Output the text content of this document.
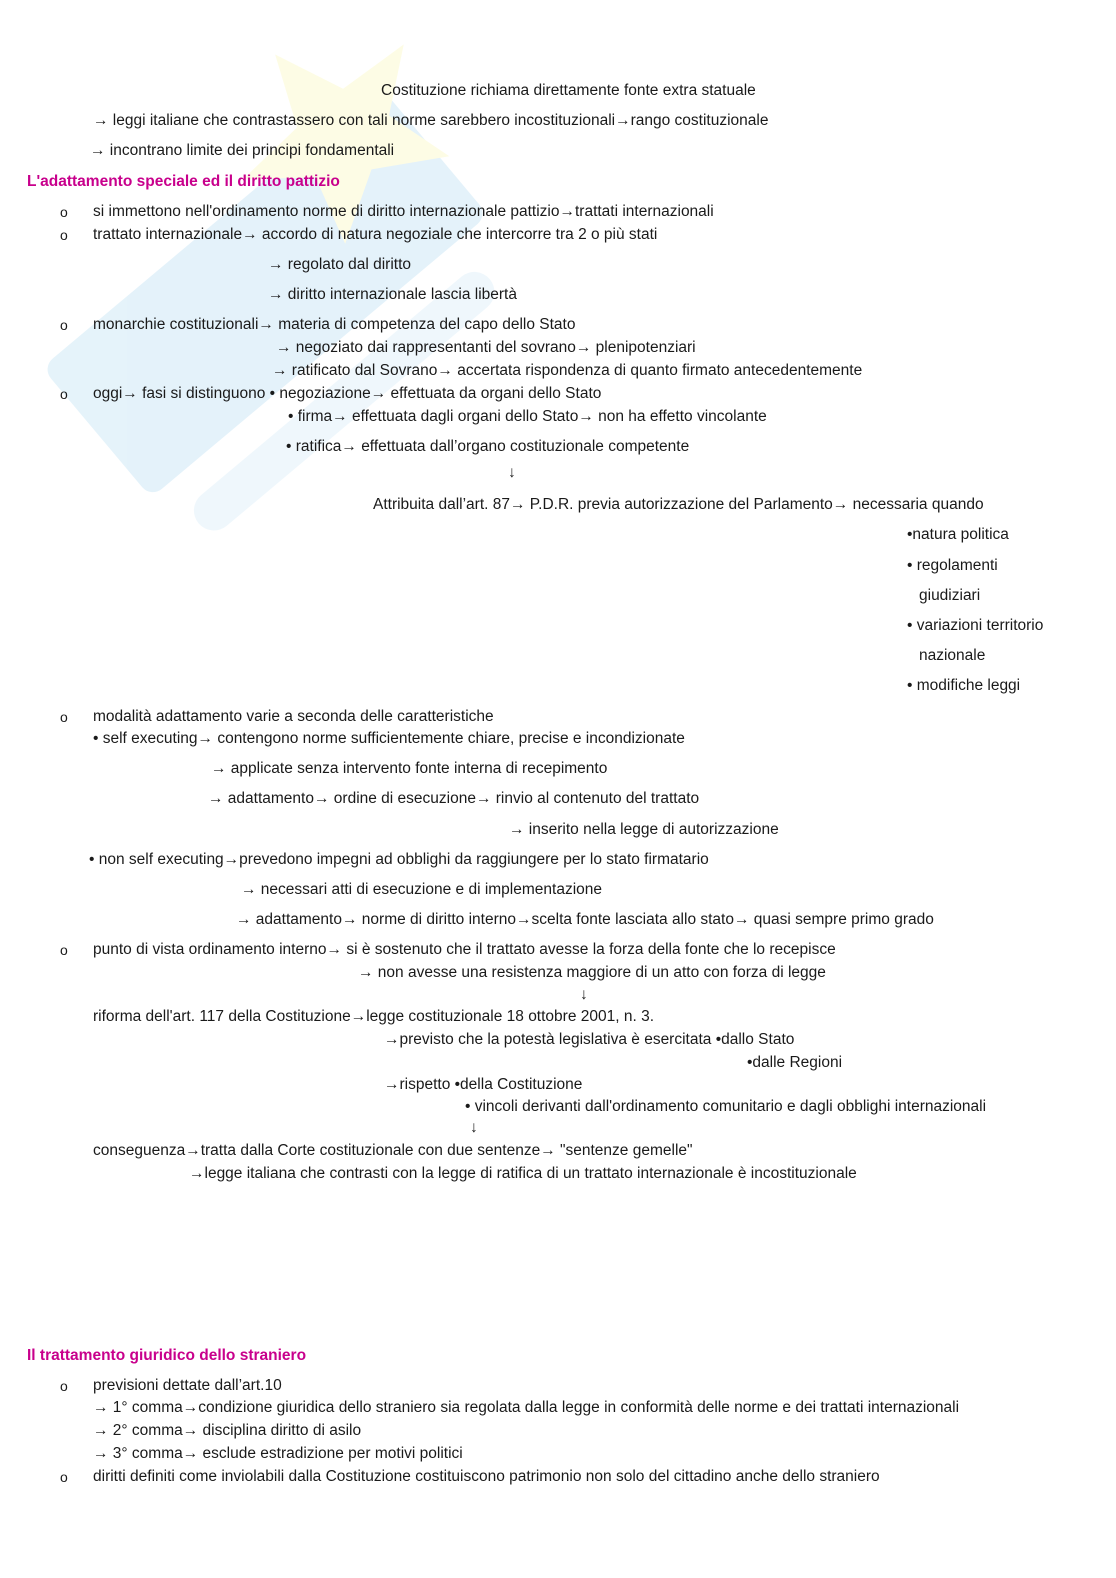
Costituzione richiama direttamente fonte extra statuale
→ leggi italiane che contrastassero con tali norme sarebbero incostituzionali→rango costituzionale
→ incontrano limite dei principi fondamentali
L'adattamento speciale ed il diritto pattizio
o si immettono nell'ordinamento norme di diritto internazionale pattizio→trattati internazionali
o trattato internazionale→ accordo di natura negoziale che intercorre tra 2 o più stati
→ regolato dal diritto
→ diritto internazionale lascia libertà
o monarchie costituzionali→ materia di competenza del capo dello Stato
→ negoziato dai rappresentanti del sovrano→ plenipotenziari
→ ratificato dal Sovrano→ accertata rispondenza di quanto firmato antecedentemente
o oggi→ fasi si distinguono • negoziazione→ effettuata da organi dello Stato
• firma→ effettuata dagli organi dello Stato→ non ha effetto vincolante
• ratifica→ effettuata dall’organo costituzionale competente
↓
Attribuita dall’art. 87→ P.D.R. previa autorizzazione del Parlamento→ necessaria quando
•natura politica
• regolamenti
giudiziari
• variazioni territorio
nazionale
• modifiche leggi
o modalità adattamento varie a seconda delle caratteristiche
• self executing→ contengono norme sufficientemente chiare, precise e incondizionate
→ applicate senza intervento fonte interna di recepimento
→ adattamento→ ordine di esecuzione→ rinvio al contenuto del trattato
→ inserito nella legge di autorizzazione
• non self executing→prevedono impegni ad obblighi da raggiungere per lo stato firmatario
→ necessari atti di esecuzione e di implementazione
→ adattamento→ norme di diritto interno→scelta fonte lasciata allo stato→ quasi sempre primo grado
o punto di vista ordinamento interno→ si è sostenuto che il trattato avesse la forza della fonte che lo recepisce
→ non avesse una resistenza maggiore di un atto con forza di legge
↓
riforma dell'art. 117 della Costituzione→legge costituzionale 18 ottobre 2001, n. 3.
→previsto che la potestà legislativa è esercitata •dallo Stato
•dalle Regioni
→rispetto •della Costituzione
• vincoli derivanti dall'ordinamento comunitario e dagli obblighi internazionali
↓
conseguenza→tratta dalla Corte costituzionale con due sentenze→ "sentenze gemelle"
→legge italiana che contrasti con la legge di ratifica di un trattato internazionale è incostituzionale
Il trattamento giuridico dello straniero
o previsioni dettate dall’art.10
→ 1° comma→condizione giuridica dello straniero sia regolata dalla legge in conformità delle norme e dei trattati internazionali
→ 2° comma→ disciplina diritto di asilo
→ 3° comma→ esclude estradizione per motivi politici
o diritti definiti come inviolabili dalla Costituzione costituiscono patrimonio non solo del cittadino anche dello straniero
